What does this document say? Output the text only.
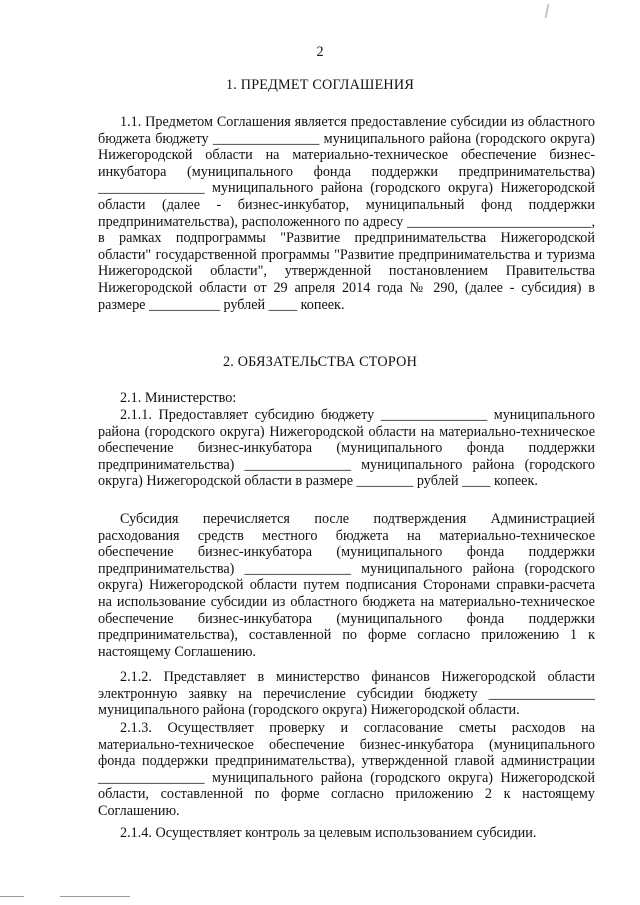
2
1. ПРЕДМЕТ СОГЛАШЕНИЯ
1.1. Предметом Соглашения является предоставление субсидии из областного бюджета бюджету _______________ муниципального района (городского округа) Нижегородской области на материально-техническое обеспечение бизнес-инкубатора (муниципального фонда поддержки предпринимательства) _______________ муниципального района (городского округа) Нижегородской области (далее - бизнес-инкубатор, муниципальный фонд поддержки предпринимательства), расположенного по адресу __________________________, в рамках подпрограммы "Развитие предпринимательства Нижегородской области" государственной программы "Развитие предпринимательства и туризма Нижегородской области", утвержденной постановлением Правительства Нижегородской области от 29 апреля 2014 года № 290, (далее - субсидия) в размере __________ рублей ____ копеек.
2. ОБЯЗАТЕЛЬСТВА СТОРОН
2.1. Министерство:
2.1.1. Предоставляет субсидию бюджету _______________ муниципального района (городского округа) Нижегородской области на материально-техническое обеспечение бизнес-инкубатора (муниципального фонда поддержки предпринимательства) _______________ муниципального района (городского округа) Нижегородской области в размере ________ рублей ____ копеек.
Субсидия перечисляется после подтверждения Администрацией расходования средств местного бюджета на материально-техническое обеспечение бизнес-инкубатора (муниципального фонда поддержки предпринимательства) _______________ муниципального района (городского округа) Нижегородской области путем подписания Сторонами справки-расчета на использование субсидии из областного бюджета на материально-техническое обеспечение бизнес-инкубатора (муниципального фонда поддержки предпринимательства), составленной по форме согласно приложению 1 к настоящему Соглашению.
2.1.2. Представляет в министерство финансов Нижегородской области электронную заявку на перечисление субсидии бюджету _______________ муниципального района (городского округа) Нижегородской области.
2.1.3. Осуществляет проверку и согласование сметы расходов на материально-техническое обеспечение бизнес-инкубатора (муниципального фонда поддержки предпринимательства), утвержденной главой администрации _______________ муниципального района (городского округа) Нижегородской области, составленной по форме согласно приложению 2 к настоящему Соглашению.
2.1.4. Осуществляет контроль за целевым использованием субсидии.
